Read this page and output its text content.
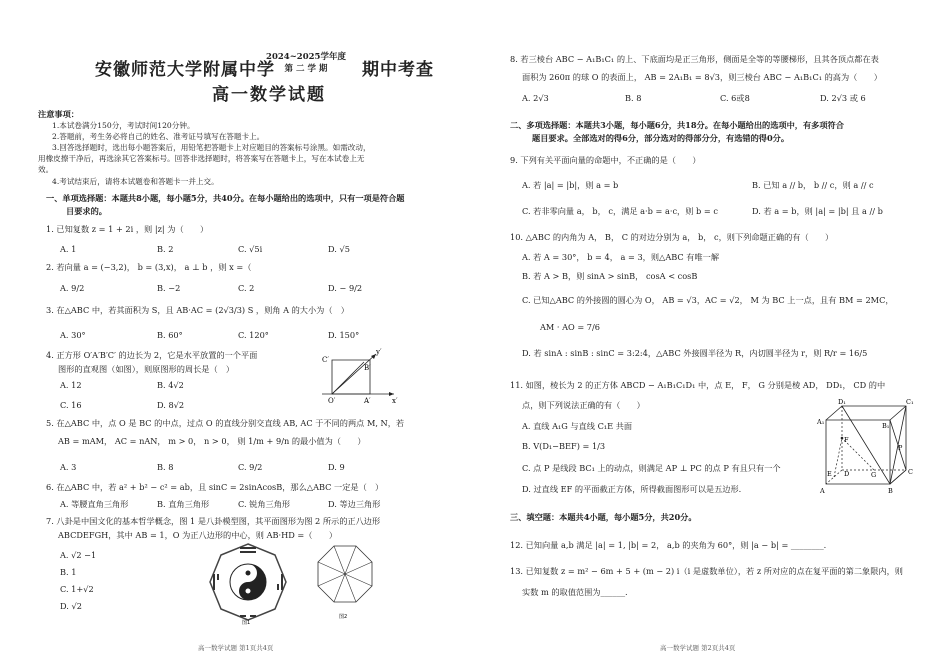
安徽师范大学附属中学
2024~2025学年度
第 二 学 期	期中考查
高一数学试题
注意事项：
1.本试卷满分150分，考试时间120分钟。
2.答题前，考生务必将自己的姓名、准考证号填写在答题卡上。
3.回答选择题时，选出每小题答案后，用铅笔把答题卡上对应题目的答案标号涂黑。如需改动，
用橡皮擦干净后，再选涂其它答案标号。回答非选择题时，将答案写在答题卡上，写在本试卷上无
效。
4.考试结束后，请将本试题卷和答题卡一并上交。
一、单项选择题：本题共8小题，每小题5分，共40分。在每小题给出的选项中，只有一项是符合题
目要求的。
1. 已知复数 z = 1 + 2i ，则 |z| 为（　　）
A. 1	B. 2	C. √5i	D. √5
2. 若向量 a = (−3,2)， b = (3,x)， a ⊥ b ，则 x =（
A. 9/2	B. −2	C. 2	D. − 9/2
3. 在△ABC 中，若其面积为 S，且 AB·AC = (2√3/3) S ，则角 A 的大小为（　）
A. 30°	B. 60°	C. 120°	D. 150°
4. 正方形 O′A′B′C′ 的边长为 2，它是水平放置的一个平面
图形的直观图（如图），则原图形的周长是（　）
A. 12	B. 4√2
C. 16	D. 8√2
C′
B′
O′	A′
y′
x′
5. 在△ABC 中，点 O 是 BC 的中点，过点 O 的直线分别交直线 AB, AC 于不同的两点 M, N，若
AB = mAM， AC = nAN， m > 0， n > 0， 则 1/m + 9/n 的最小值为（　　）
A. 3	B. 8	C. 9/2	D. 9
6. 在△ABC 中，若 a² + b² − c² = ab，且 sinC = 2sinAcosB，那么△ABC 一定是（　）
A. 等腰直角三角形	B. 直角三角形	C. 锐角三角形	D. 等边三角形
7. 八卦是中国文化的基本哲学概念，图 1 是八卦模型图，其平面图形为图 2 所示的正八边形
ABCDEFGH，其中 AB = 1，O 为正八边形的中心，则 AB·HD =（　　）
A. √2 −1
B. 1
C. 1+√2
D. √2
图1
图2
高一数学试题 第1页共4页
8. 若三棱台 ABC − A₁B₁C₁ 的上、下底面均是正三角形，侧面是全等的等腰梯形，且其各顶点都在表
面积为 260π 的球 O 的表面上， AB = 2A₁B₁ = 8√3，则三棱台 ABC − A₁B₁C₁ 的高为（　　）
A. 2√3	B. 8	C. 6或8	D. 2√3 或 6
二、多项选择题：本题共3小题，每小题6分，共18分。在每小题给出的选项中，有多项符合
题目要求。全部选对的得6分，部分选对的得部分分，有选错的得0分。
9. 下列有关平面向量的命题中，不正确的是（　　）
A. 若 |a| = |b|，则 a = b	B. 已知 a // b， b // c，则 a // c
C. 若非零向量 a， b， c，满足 a·b = a·c，则 b = c	D. 若 a = b，则 |a| = |b| 且 a // b
10. △ABC 的内角为 A， B， C 的对边分别为 a， b， c，则下列命题正确的有（　　）
A. 若 A = 30°， b = 4， a = 3，则△ABC 有唯一解
B. 若 A > B，则 sinA > sinB， cosA < cosB
C. 已知△ABC 的外接圆的圆心为 O， AB = √3，AC = √2， M 为 BC 上一点，且有 BM = 2MC，
AM · AO = 7/6
D. 若 sinA : sinB : sinC = 3:2:4，△ABC 外接圆半径为 R，内切圆半径为 r，则 R/r = 16/5
11. 如图，棱长为 2 的正方体 ABCD − A₁B₁C₁D₁ 中，点 E， F， G 分别是棱 AD， DD₁， CD 的中
点，则下列说法正确的有（　　）
A. 直线 A₁G 与直线 C₁E 共面
B. V(D₁−BEF) = 1/3
C. 点 P 是线段 BC₁ 上的动点，则满足 AP ⊥ PC 的点 P 有且只有一个
D. 过直线 EF 的平面截正方体，所得截面图形可以是五边形.
D₁	C₁
A₁	B₁
F
P
D	G	C
E
A	B
三、填空题：本题共4小题，每小题5分，共20分。
12. 已知向量 a,b 满足 |a| = 1, |b| = 2， a,b 的夹角为 60°，则 |a − b| = ________.
13. 已知复数 z = m² − 6m + 5 + (m − 2) i（i 是虚数单位），若 z 所对应的点在复平面的第二象限内，则
实数 m 的取值范围为______.
高一数学试题 第2页共4页
